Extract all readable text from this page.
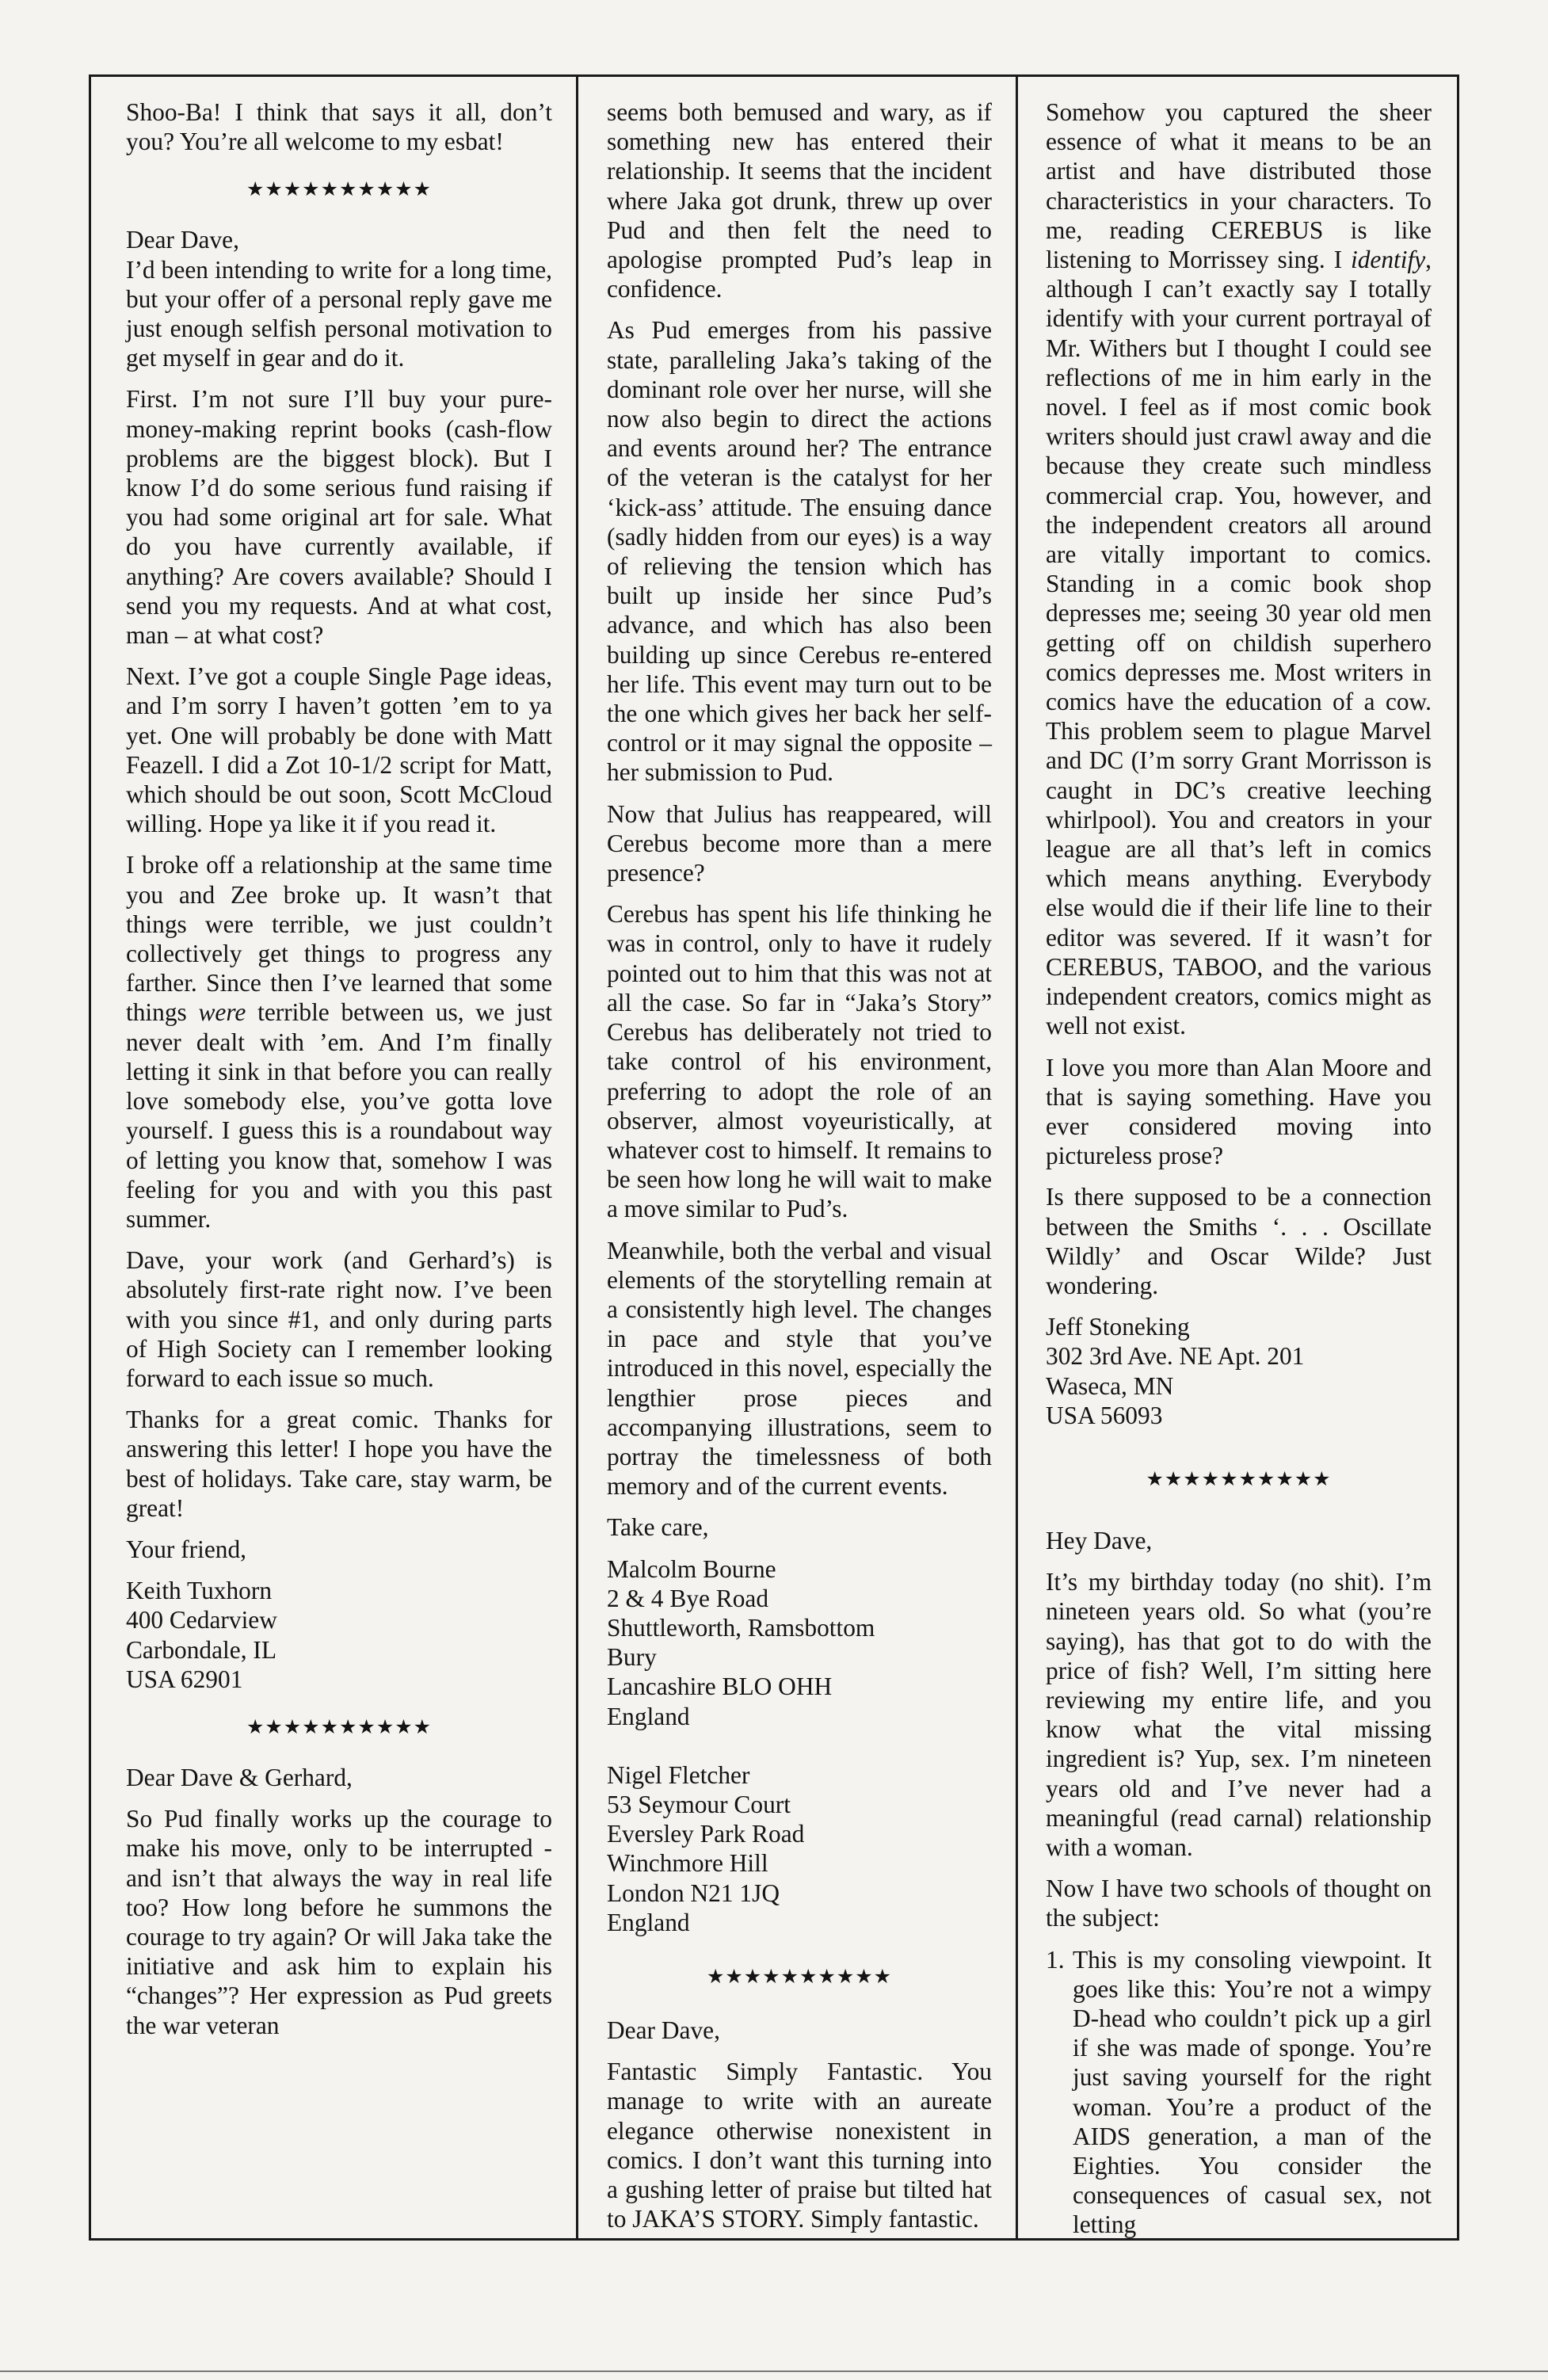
Shoo-Ba! I think that says it all, don’t you? You’re all welcome to my esbat!

★★★★★★★★★★

Dear Dave,

I’d been intending to write for a long time, but your offer of a personal reply gave me just enough selfish personal motivation to get myself in gear and do it.

First. I’m not sure I’ll buy your pure-money-making reprint books (cash-flow problems are the biggest block). But I know I’d do some serious fund raising if you had some original art for sale. What do you have currently available, if anything? Are covers available? Should I send you my requests. And at what cost, man – at what cost?

Next. I’ve got a couple Single Page ideas, and I’m sorry I haven’t gotten ’em to ya yet. One will probably be done with Matt Feazell. I did a Zot 10-1/2 script for Matt, which should be out soon, Scott McCloud willing. Hope ya like it if you read it.

I broke off a relationship at the same time you and Zee broke up. It wasn’t that things were terrible, we just couldn’t collectively get things to progress any farther. Since then I’ve learned that some things were terrible between us, we just never dealt with ’em. And I’m finally letting it sink in that before you can really love somebody else, you’ve gotta love yourself. I guess this is a roundabout way of letting you know that, somehow I was feeling for you and with you this past summer.

Dave, your work (and Gerhard’s) is absolutely first-rate right now. I’ve been with you since #1, and only during parts of High Society can I remember looking forward to each issue so much.

Thanks for a great comic. Thanks for answering this letter! I hope you have the best of holidays. Take care, stay warm, be great!

Your friend,

Keith Tuxhorn
400 Cedarview
Carbondale, IL
USA 62901
★★★★★★★★★★

Dear Dave & Gerhard,

So Pud finally works up the courage to make his move, only to be interrupted - and isn’t that always the way in real life too? How long before he summons the courage to try again? Or will Jaka take the initiative and ask him to explain his “changes”? Her expression as Pud greets the war veteran

seems both bemused and wary, as if something new has entered their relationship. It seems that the incident where Jaka got drunk, threw up over Pud and then felt the need to apologise prompted Pud’s leap in confidence.

As Pud emerges from his passive state, paralleling Jaka’s taking of the dominant role over her nurse, will she now also begin to direct the actions and events around her? The entrance of the veteran is the catalyst for her ‘kick-ass’ attitude. The ensuing dance (sadly hidden from our eyes) is a way of relieving the tension which has built up inside her since Pud’s advance, and which has also been building up since Cerebus re-entered her life. This event may turn out to be the one which gives her back her self-control or it may signal the opposite – her submission to Pud.

Now that Julius has reappeared, will Cerebus become more than a mere presence?

Cerebus has spent his life thinking he was in control, only to have it rudely pointed out to him that this was not at all the case. So far in “Jaka’s Story” Cerebus has deliberately not tried to take control of his environment, preferring to adopt the role of an observer, almost voyeuristically, at whatever cost to himself. It remains to be seen how long he will wait to make a move similar to Pud’s.

Meanwhile, both the verbal and visual elements of the storytelling remain at a consistently high level. The changes in pace and style that you’ve introduced in this novel, especially the lengthier prose pieces and accompanying illustrations, seem to portray the timelessness of both memory and of the current events.

Take care,

Malcolm Bourne
2 & 4 Bye Road
Shuttleworth, Ramsbottom
Bury
Lancashire BLO OHH
England
Nigel Fletcher
53 Seymour Court
Eversley Park Road
Winchmore Hill
London N21 1JQ
England
★★★★★★★★★★

Dear Dave,

Fantastic Simply Fantastic. You manage to write with an aureate elegance otherwise nonexistent in comics. I don’t want this turning into a gushing letter of praise but tilted hat to JAKA’S STORY. Simply fantastic.

Somehow you captured the sheer essence of what it means to be an artist and have distributed those characteristics in your characters. To me, reading CEREBUS is like listening to Morrissey sing. I identify, although I can’t exactly say I totally identify with your current portrayal of Mr. Withers but I thought I could see reflections of me in him early in the novel. I feel as if most comic book writers should just crawl away and die because they create such mindless commercial crap. You, however, and the independent creators all around are vitally important to comics. Standing in a comic book shop depresses me; seeing 30 year old men getting off on childish superhero comics depresses me. Most writers in comics have the education of a cow. This problem seem to plague Marvel and DC (I’m sorry Grant Morrisson is caught in DC’s creative leeching whirlpool). You and creators in your league are all that’s left in comics which means anything. Everybody else would die if their life line to their editor was severed. If it wasn’t for CEREBUS, TABOO, and the various independent creators, comics might as well not exist.

I love you more than Alan Moore and that is saying something. Have you ever considered moving into pictureless prose?

Is there supposed to be a connection between the Smiths ‘. . . Oscillate Wildly’ and Oscar Wilde? Just wondering.

Jeff Stoneking
302 3rd Ave. NE Apt. 201
Waseca, MN
USA 56093
★★★★★★★★★★

Hey Dave,

It’s my birthday today (no shit). I’m nineteen years old. So what (you’re saying), has that got to do with the price of fish? Well, I’m sitting here reviewing my entire life, and you know what the vital missing ingredient is? Yup, sex. I’m nineteen years old and I’ve never had a meaningful (read carnal) relationship with a woman.

Now I have two schools of thought on the subject:

1. This is my consoling viewpoint. It goes like this: You’re not a wimpy D-head who couldn’t pick up a girl if she was made of sponge. You’re just saving yourself for the right woman. You’re a product of the AIDS generation, a man of the Eighties. You consider the consequences of casual sex, not letting
